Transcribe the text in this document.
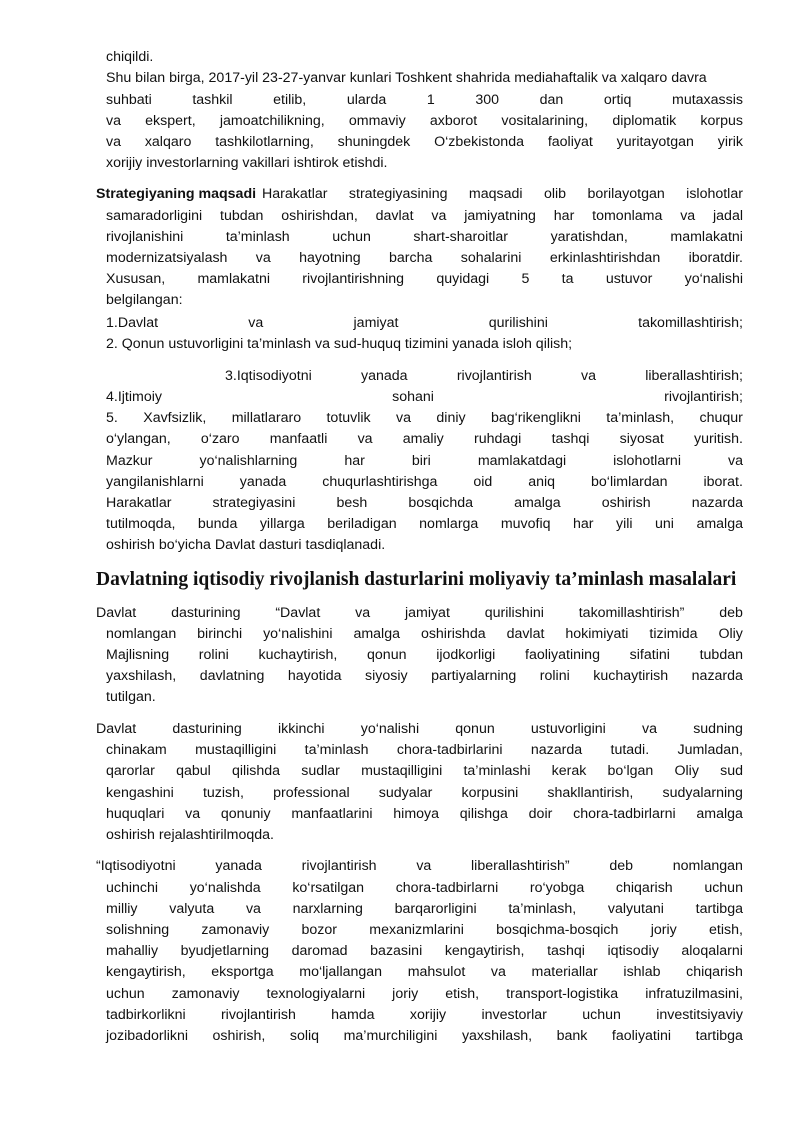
chiqildi.
Shu bilan birga, 2017-yil 23-27-yanvar kunlari Toshkent shahrida mediahaftalik va xalqaro davra
suhbati	tashkil	etilib,	ularda	1	300	dan	ortiq	mutaxassis
va ekspert, jamoatchilikning, ommaviy axborot vositalarining, diplomatik korpus
va xalqaro tashkilotlarning, shuningdek O‘zbekistonda faoliyat yuritayotgan yirik
xorijiy investorlarning vakillari ishtirok etishdi.
Strategiyaning maqsadi Harakatlar strategiyasining maqsadi olib borilayotgan islohotlar
samaradorligini tubdan oshirishdan, davlat va jamiyatning har tomonlama va jadal
rivojlanishini	ta’minlash	uchun	shart-sharoitlar	yaratishdan,	mamlakatni
modernizatsiyalash va hayotning barcha sohalarini erkinlashtirishdan iboratdir.
Xususan, mamlakatni rivojlantirishning quyidagi 5 ta ustuvor yo‘nalishi
belgilangan:
1.Davlat	va	jamiyat	qurilishini	takomillashtirish;
2. Qonun ustuvorligini ta’minlash va sud-huquq tizimini yanada isloh qilish;
3.Iqtisodiyotni	yanada	rivojlantirish	va	liberallashtirish;
4.Ijtimoiy	sohani	rivojlantirish;
5. Xavfsizlik, millatlararo totuvlik va diniy bag‘rikenglikni ta’minlash, chuqur
o‘ylangan, o‘zaro manfaatli va amaliy ruhdagi tashqi siyosat yuritish.
Mazkur	yo‘nalishlarning	har	biri	mamlakatdagi	islohotlarni	va
yangilanishlarni	yanada	chuqurlashtirishga	oid	aniq	bo‘limlardan	iborat.
Harakatlar	strategiyasini	besh	bosqichda	amalga	oshirish	nazarda
tutilmoqda, bunda yillarga beriladigan nomlarga muvofiq har yili uni amalga
oshirish bo‘yicha Davlat dasturi tasdiqlanadi.
Davlatning iqtisodiy rivojlanish dasturlarini moliyaviy ta’minlash masalalari
Davlat dasturining “Davlat va jamiyat qurilishini takomillashtirish” deb
nomlangan birinchi yo‘nalishini amalga oshirishda davlat hokimiyati tizimida Oliy
Majlisning rolini kuchaytirish, qonun ijodkorligi faoliyatining sifatini tubdan
yaxshilash, davlatning hayotida siyosiy partiyalarning rolini kuchaytirish nazarda
tutilgan.
Davlat	dasturining	ikkinchi	yo‘nalishi	qonun	ustuvorligini	va	sudning
chinakam mustaqilligini ta’minlash chora-tadbirlarini nazarda tutadi. Jumladan,
qarorlar qabul qilishda sudlar mustaqilligini ta’minlashi kerak bo‘lgan Oliy sud
kengashini tuzish, professional sudyalar korpusini shakllantirish, sudyalarning
huquqlari va qonuniy manfaatlarini himoya qilishga doir chora-tadbirlarni amalga
oshirish rejalashtirilmoqda.
“Iqtisodiyotni	yanada	rivojlantirish	va	liberallashtirish”	deb	nomlangan
uchinchi yo‘nalishda ko‘rsatilgan chora-tadbirlarni ro‘yobga chiqarish uchun
milliy valyuta va narxlarning barqarorligini ta’minlash, valyutani tartibga
solishning zamonaviy bozor mexanizmlarini bosqichma-bosqich joriy etish,
mahalliy byudjetlarning daromad bazasini kengaytirish, tashqi iqtisodiy aloqalarni
kengaytirish, eksportga mo‘ljallangan mahsulot va materiallar ishlab chiqarish
uchun zamonaviy texnologiyalarni joriy etish, transport-logistika infratuzilmasini,
tadbirkorlikni rivojlantirish hamda xorijiy investorlar uchun investitsiyaviy
jozibadorlikni oshirish, soliq ma’murchiligini yaxshilash, bank faoliyatini tartibga
